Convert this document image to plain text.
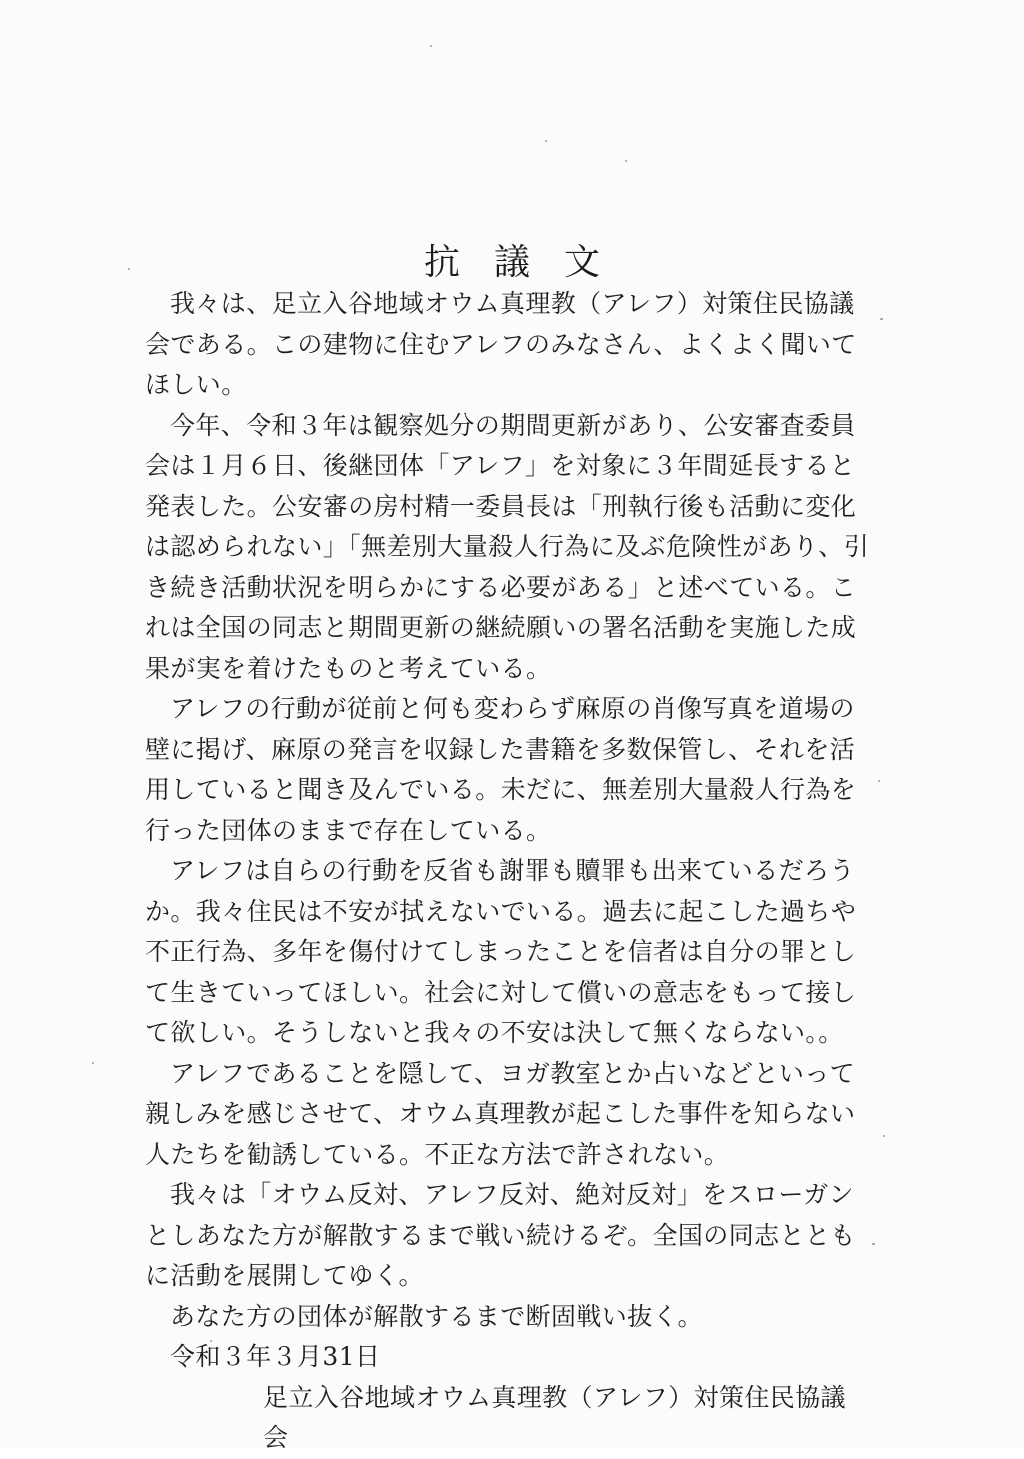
抗議文

我々は、足立入谷地域オウム真理教（アレフ）対策住民協議会である。この建物に住むアレフのみなさん、よくよく聞いてほしい。

今年、令和３年は観察処分の期間更新があり、公安審査委員会は１月６日、後継団体「アレフ」を対象に３年間延長すると発表した。公安審の房村精一委員長は「刑執行後も活動に変化は認められない」「無差別大量殺人行為に及ぶ危険性があり、引き続き活動状況を明らかにする必要がある」と述べている。これは全国の同志と期間更新の継続願いの署名活動を実施した成果が実を着けたものと考えている。

アレフの行動が従前と何も変わらず麻原の肖像写真を道場の壁に掲げ、麻原の発言を収録した書籍を多数保管し、それを活用していると聞き及んでいる。未だに、無差別大量殺人行為を行った団体のままで存在している。

アレフは自らの行動を反省も謝罪も贖罪も出来ているだろうか。我々住民は不安が拭えないでいる。過去に起こした過ちや不正行為、多年を傷付けてしまったことを信者は自分の罪として生きていってほしい。社会に対して償いの意志をもって接して欲しい。そうしないと我々の不安は決して無くならない。。

アレフであることを隠して、ヨガ教室とか占いなどといって親しみを感じさせて、オウム真理教が起こした事件を知らない人たちを勧誘している。不正な方法で許されない。

我々は「オウム反対、アレフ反対、絶対反対」をスローガンとしあなた方が解散するまで戦い続けるぞ。全国の同志とともに活動を展開してゆく。

あなた方の団体が解散するまで断固戦い抜く。

令和３年３月31日

足立入谷地域オウム真理教（アレフ）対策住民協議会
